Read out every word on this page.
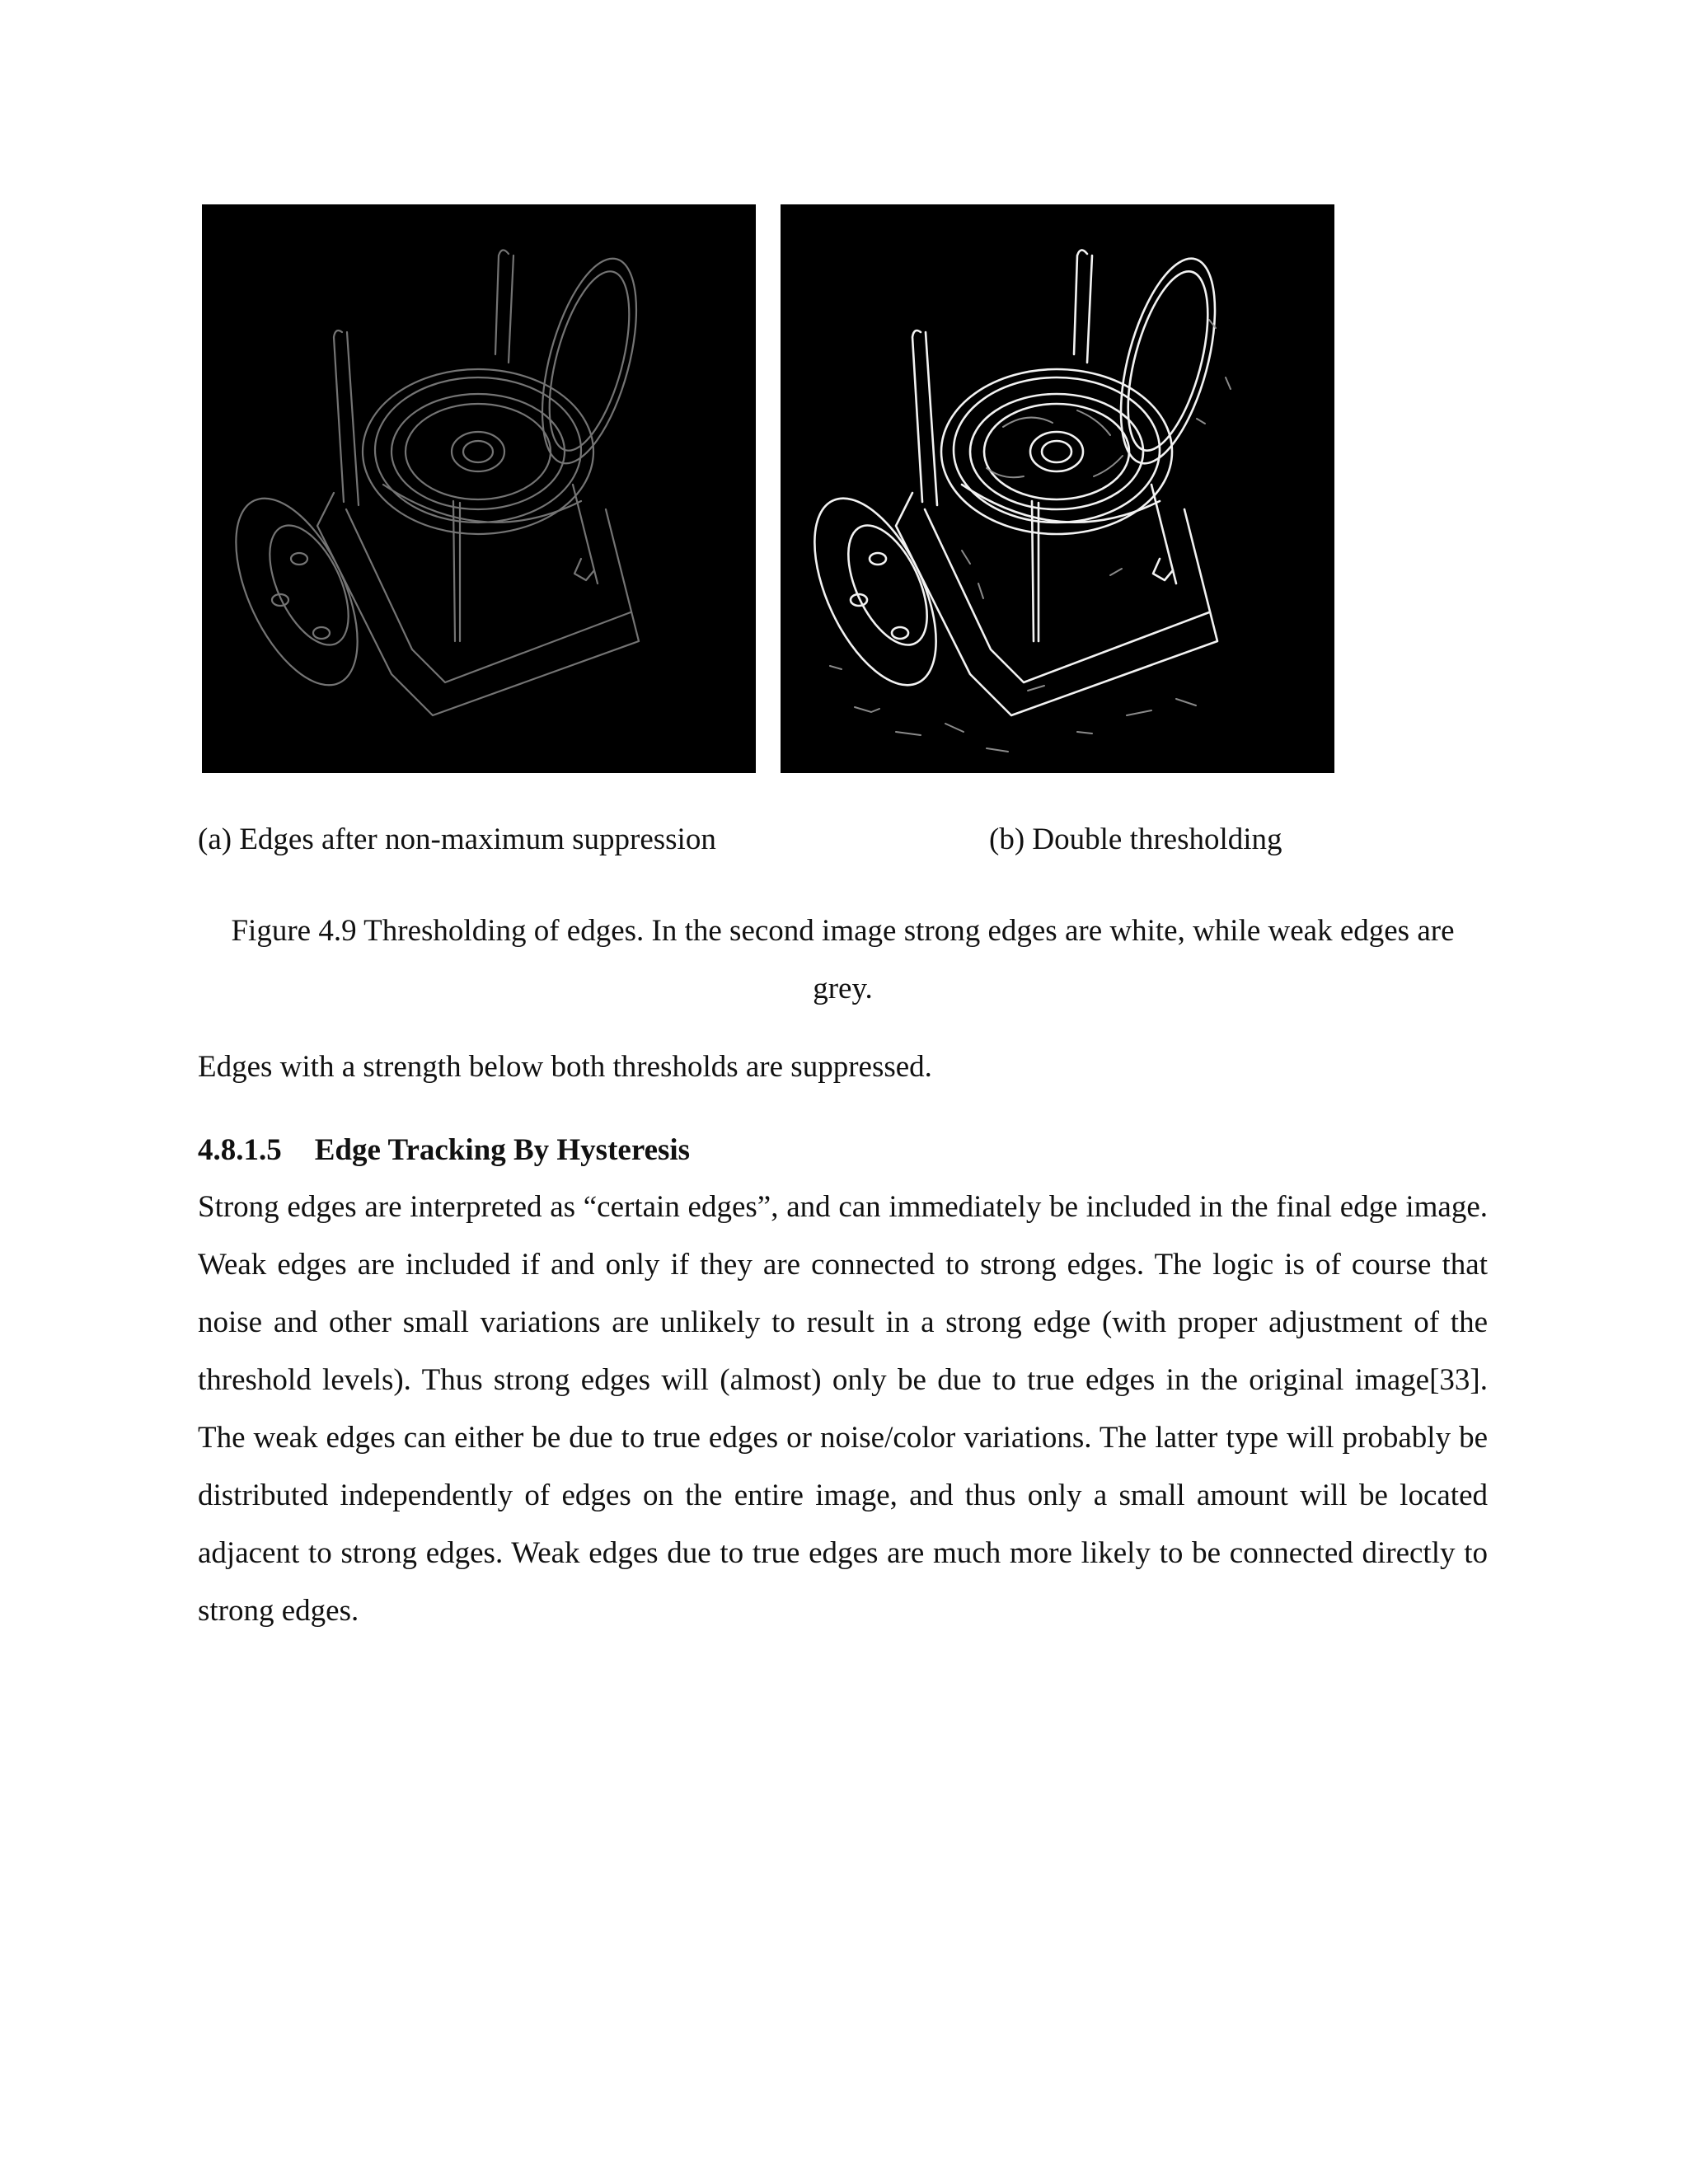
(a) Edges after non-maximum suppression	(b) Double thresholding
Figure 4.9 Thresholding of edges. In the second image strong edges are white, while weak edges are grey.
Edges with a strength below both thresholds are suppressed.
4.8.1.5 Edge Tracking By Hysteresis
Strong edges are interpreted as “certain edges”, and can immediately be included in the final edge image. Weak edges are included if and only if they are connected to strong edges. The logic is of course that noise and other small variations are unlikely to result in a strong edge (with proper adjustment of the threshold levels). Thus strong edges will (almost) only be due to true edges in the original image[33]. The weak edges can either be due to true edges or noise/color variations. The latter type will probably be distributed independently of edges on the entire image, and thus only a small amount will be located adjacent to strong edges. Weak edges due to true edges are much more likely to be connected directly to strong edges.
